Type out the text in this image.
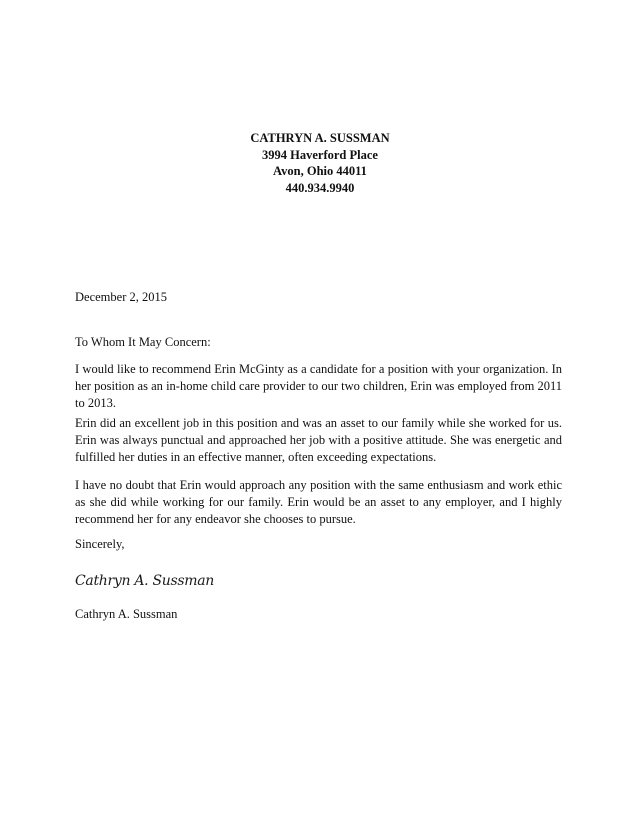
CATHRYN A. SUSSMAN
3994 Haverford Place
Avon, Ohio 44011
440.934.9940
December 2, 2015
To Whom It May Concern:
I would like to recommend Erin McGinty as a candidate for a position with your organization. In her position as an in-home child care provider to our two children, Erin was employed from 2011 to 2013.
Erin did an excellent job in this position and was an asset to our family while she worked for us. Erin was always punctual and approached her job with a positive attitude. She was energetic and fulfilled her duties in an effective manner, often exceeding expectations.
I have no doubt that Erin would approach any position with the same enthusiasm and work ethic as she did while working for our family. Erin would be an asset to any employer, and I highly recommend her for any endeavor she chooses to pursue.
Sincerely,
Cathryn A. Sussman
Cathryn A. Sussman
